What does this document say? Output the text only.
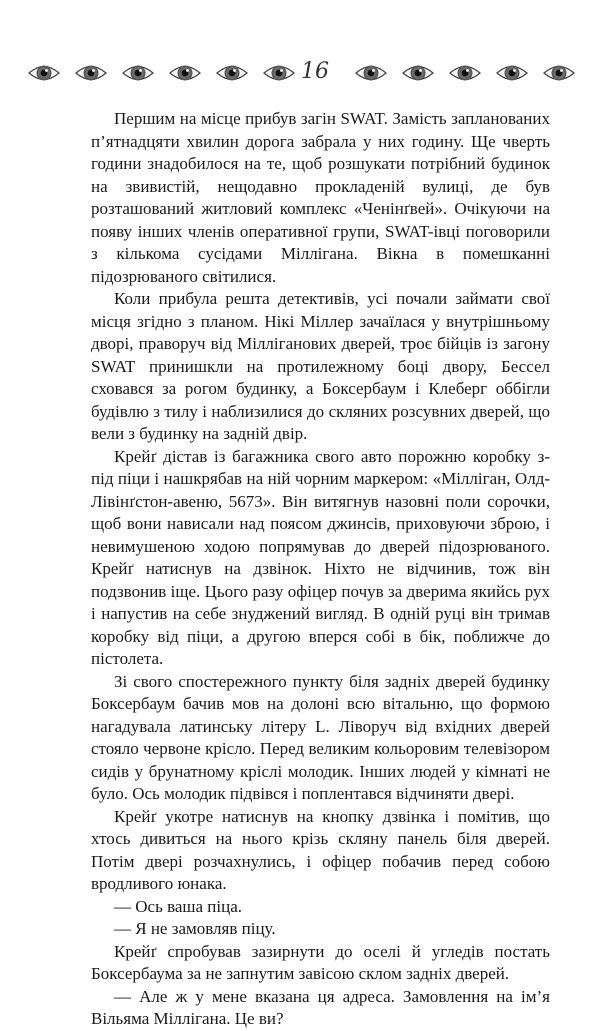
16

Першим на місце прибув загін SWAT. Замість запланованих п’ятнадцяти хвилин дорога забрала у них годину. Ще чверть години знадобилося на те, щоб розшукати потрібний будинок на звивистій, нещодавно прокладеній вулиці, де був розташований житловий комплекс «Ченінґвей». Очікуючи на появу інших членів оперативної групи, SWAT-івці поговорили з кількома сусідами Міллігана. Вікна в помешканні підозрюваного світилися.

Коли прибула решта детективів, усі почали займати свої місця згідно з планом. Нікі Міллер зачаїлася у внутрішньому дворі, праворуч від Міллiганових дверей, троє бійців із загону SWAT принишкли на протилежному боці двору, Бессел сховався за рогом будинку, а Боксербаум і Клеберг оббігли будівлю з тилу і наблизилися до скляних розсувних дверей, що вели з будинку на задній двір.

Крейґ дістав із багажника свого авто порожню коробку з-під піци і нашкрябав на ній чорним маркером: «Мілліган, Олд-Лівінґстон-авеню, 5673». Він витягнув назовні поли сорочки, щоб вони нависали над поясом джинсів, приховуючи зброю, і невимушеною ходою попрямував до дверей підозрюваного. Крейґ натиснув на дзвінок. Ніхто не відчинив, тож він подзвонив іще. Цього разу офіцер почув за дверима якийсь рух і напустив на себе знуджений вигляд. В одній руці він тримав коробку від піци, а другою вперся собі в бік, поближче до пістолета.

Зі свого спостережного пункту біля задніх дверей будинку Боксербаум бачив мов на долоні всю вітальню, що формою нагадувала латинську літеру L. Ліворуч від вхідних дверей стояло червоне крісло. Перед великим кольоровим телевізором сидів у брунатному кріслі молодик. Інших людей у кімнаті не було. Ось молодик підвівся і поплентався відчиняти двері.

Крейґ укотре натиснув на кнопку дзвінка і помітив, що хтось дивиться на нього крізь скляну панель біля дверей. Потім двері розчахнулись, і офіцер побачив перед собою вродливого юнака.

— Ось ваша піца.

— Я не замовляв піцу.

Крейґ спробував зазирнути до оселі й угледів постать Боксербаума за не запнутим завісою склом задніх дверей.

— Але ж у мене вказана ця адреса. Замовлення на ім’я Вільяма Міллігана. Це ви?
